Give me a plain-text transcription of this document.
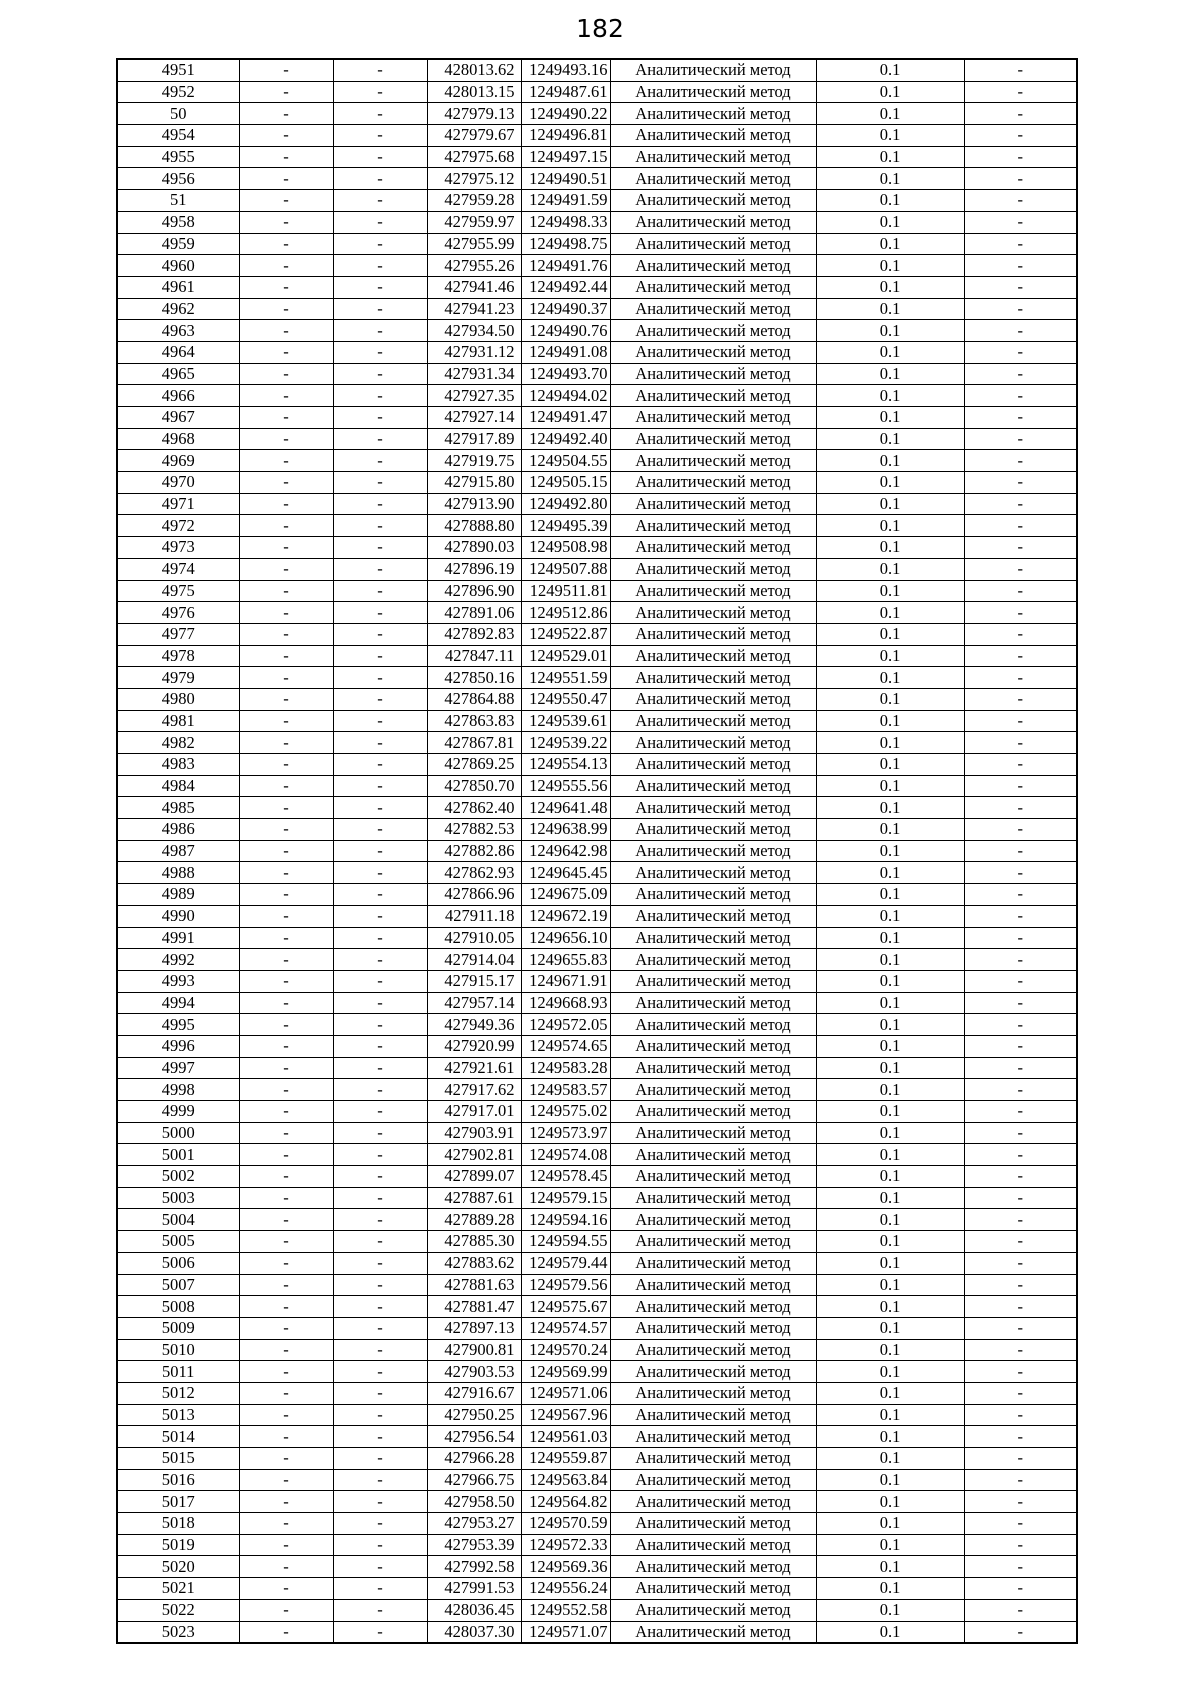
182
4951	-	-	428013.62	1249493.16	Аналитический метод	0.1	-
4952	-	-	428013.15	1249487.61	Аналитический метод	0.1	-
50	-	-	427979.13	1249490.22	Аналитический метод	0.1	-
4954	-	-	427979.67	1249496.81	Аналитический метод	0.1	-
4955	-	-	427975.68	1249497.15	Аналитический метод	0.1	-
4956	-	-	427975.12	1249490.51	Аналитический метод	0.1	-
51	-	-	427959.28	1249491.59	Аналитический метод	0.1	-
4958	-	-	427959.97	1249498.33	Аналитический метод	0.1	-
4959	-	-	427955.99	1249498.75	Аналитический метод	0.1	-
4960	-	-	427955.26	1249491.76	Аналитический метод	0.1	-
4961	-	-	427941.46	1249492.44	Аналитический метод	0.1	-
4962	-	-	427941.23	1249490.37	Аналитический метод	0.1	-
4963	-	-	427934.50	1249490.76	Аналитический метод	0.1	-
4964	-	-	427931.12	1249491.08	Аналитический метод	0.1	-
4965	-	-	427931.34	1249493.70	Аналитический метод	0.1	-
4966	-	-	427927.35	1249494.02	Аналитический метод	0.1	-
4967	-	-	427927.14	1249491.47	Аналитический метод	0.1	-
4968	-	-	427917.89	1249492.40	Аналитический метод	0.1	-
4969	-	-	427919.75	1249504.55	Аналитический метод	0.1	-
4970	-	-	427915.80	1249505.15	Аналитический метод	0.1	-
4971	-	-	427913.90	1249492.80	Аналитический метод	0.1	-
4972	-	-	427888.80	1249495.39	Аналитический метод	0.1	-
4973	-	-	427890.03	1249508.98	Аналитический метод	0.1	-
4974	-	-	427896.19	1249507.88	Аналитический метод	0.1	-
4975	-	-	427896.90	1249511.81	Аналитический метод	0.1	-
4976	-	-	427891.06	1249512.86	Аналитический метод	0.1	-
4977	-	-	427892.83	1249522.87	Аналитический метод	0.1	-
4978	-	-	427847.11	1249529.01	Аналитический метод	0.1	-
4979	-	-	427850.16	1249551.59	Аналитический метод	0.1	-
4980	-	-	427864.88	1249550.47	Аналитический метод	0.1	-
4981	-	-	427863.83	1249539.61	Аналитический метод	0.1	-
4982	-	-	427867.81	1249539.22	Аналитический метод	0.1	-
4983	-	-	427869.25	1249554.13	Аналитический метод	0.1	-
4984	-	-	427850.70	1249555.56	Аналитический метод	0.1	-
4985	-	-	427862.40	1249641.48	Аналитический метод	0.1	-
4986	-	-	427882.53	1249638.99	Аналитический метод	0.1	-
4987	-	-	427882.86	1249642.98	Аналитический метод	0.1	-
4988	-	-	427862.93	1249645.45	Аналитический метод	0.1	-
4989	-	-	427866.96	1249675.09	Аналитический метод	0.1	-
4990	-	-	427911.18	1249672.19	Аналитический метод	0.1	-
4991	-	-	427910.05	1249656.10	Аналитический метод	0.1	-
4992	-	-	427914.04	1249655.83	Аналитический метод	0.1	-
4993	-	-	427915.17	1249671.91	Аналитический метод	0.1	-
4994	-	-	427957.14	1249668.93	Аналитический метод	0.1	-
4995	-	-	427949.36	1249572.05	Аналитический метод	0.1	-
4996	-	-	427920.99	1249574.65	Аналитический метод	0.1	-
4997	-	-	427921.61	1249583.28	Аналитический метод	0.1	-
4998	-	-	427917.62	1249583.57	Аналитический метод	0.1	-
4999	-	-	427917.01	1249575.02	Аналитический метод	0.1	-
5000	-	-	427903.91	1249573.97	Аналитический метод	0.1	-
5001	-	-	427902.81	1249574.08	Аналитический метод	0.1	-
5002	-	-	427899.07	1249578.45	Аналитический метод	0.1	-
5003	-	-	427887.61	1249579.15	Аналитический метод	0.1	-
5004	-	-	427889.28	1249594.16	Аналитический метод	0.1	-
5005	-	-	427885.30	1249594.55	Аналитический метод	0.1	-
5006	-	-	427883.62	1249579.44	Аналитический метод	0.1	-
5007	-	-	427881.63	1249579.56	Аналитический метод	0.1	-
5008	-	-	427881.47	1249575.67	Аналитический метод	0.1	-
5009	-	-	427897.13	1249574.57	Аналитический метод	0.1	-
5010	-	-	427900.81	1249570.24	Аналитический метод	0.1	-
5011	-	-	427903.53	1249569.99	Аналитический метод	0.1	-
5012	-	-	427916.67	1249571.06	Аналитический метод	0.1	-
5013	-	-	427950.25	1249567.96	Аналитический метод	0.1	-
5014	-	-	427956.54	1249561.03	Аналитический метод	0.1	-
5015	-	-	427966.28	1249559.87	Аналитический метод	0.1	-
5016	-	-	427966.75	1249563.84	Аналитический метод	0.1	-
5017	-	-	427958.50	1249564.82	Аналитический метод	0.1	-
5018	-	-	427953.27	1249570.59	Аналитический метод	0.1	-
5019	-	-	427953.39	1249572.33	Аналитический метод	0.1	-
5020	-	-	427992.58	1249569.36	Аналитический метод	0.1	-
5021	-	-	427991.53	1249556.24	Аналитический метод	0.1	-
5022	-	-	428036.45	1249552.58	Аналитический метод	0.1	-
5023	-	-	428037.30	1249571.07	Аналитический метод	0.1	-
